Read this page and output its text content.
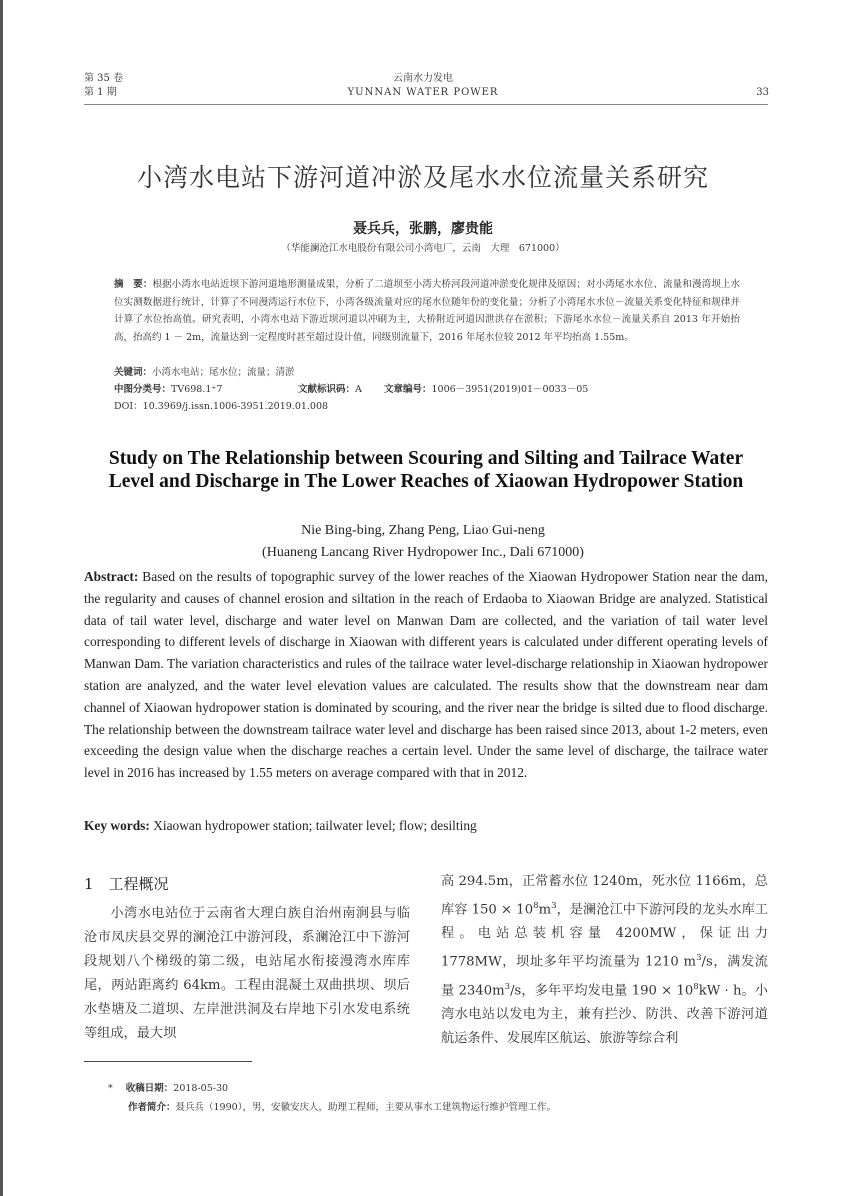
第 35 卷
第 1 期
云南水力发电
YUNNAN WATER POWER	33
小湾水电站下游河道冲淤及尾水水位流量关系研究
聂兵兵，张鹏，廖贵能
（华能澜沧江水电股份有限公司小湾电厂，云南　大理　671000）
摘　要：根据小湾水电站近坝下游河道地形测量成果，分析了二道坝至小湾大桥河段河道冲淤变化规律及原因；对小湾尾水水位、流量和漫湾坝上水位实测数据进行统计，计算了不同漫湾运行水位下，小湾各级流量对应的尾水位随年份的变化量；分析了小湾尾水水位－流量关系变化特征和规律并计算了水位抬高值。研究表明，小湾水电站下游近坝河道以冲刷为主，大桥附近河道因泄洪存在淤积；下游尾水水位－流量关系自 2013 年开始抬高，抬高约 1 － 2m，流量达到一定程度时甚至超过设计值，同级别流量下，2016 年尾水位较 2012 年平均抬高 1.55m。
关键词：小湾水电站；尾水位；流量；清淤
中图分类号：TV698.1⁺7	文献标识码：A 文章编号：1006－3951(2019)01－0033－05
DOI：10.3969/j.issn.1006-3951.2019.01.008
Study on The Relationship between Scouring and Silting and Tailrace Water Level and Discharge in The Lower Reaches of Xiaowan Hydropower Station
Nie Bing-bing, Zhang Peng, Liao Gui-neng
(Huaneng Lancang River Hydropower Inc., Dali 671000)
Abstract: Based on the results of topographic survey of the lower reaches of the Xiaowan Hydropower Station near the dam, the regularity and causes of channel erosion and siltation in the reach of Erdaoba to Xiaowan Bridge are analyzed. Statistical data of tail water level, discharge and water level on Manwan Dam are collected, and the variation of tail water level corresponding to different levels of discharge in Xiaowan with different years is calculated under different operating levels of Manwan Dam. The variation characteristics and rules of the tailrace water level-discharge relationship in Xiaowan hydropower station are analyzed, and the water level elevation values are calculated. The results show that the downstream near dam channel of Xiaowan hydropower station is dominated by scouring, and the river near the bridge is silted due to flood discharge. The relationship between the downstream tailrace water level and discharge has been raised since 2013, about 1-2 meters, even exceeding the design value when the discharge reaches a certain level. Under the same level of discharge, the tailrace water level in 2016 has increased by 1.55 meters on average compared with that in 2012.
Key words: Xiaowan hydropower station; tailwater level; flow; desilting
1　工程概况
小湾水电站位于云南省大理白族自治州南涧县与临沧市凤庆县交界的澜沧江中游河段，系澜沧江中下游河段规划八个梯级的第二级，电站尾水衔接漫湾水库库尾，两站距离约 64km。工程由混凝土双曲拱坝、坝后水垫塘及二道坝、左岸泄洪洞及右岸地下引水发电系统等组成，最大坝
高 294.5m，正常蓄水位 1240m，死水位 1166m，总库容 $150 \times 10^8m^3$，是澜沧江中下游河段的龙头水库工程。电站总装机容量 4200MW，保证出力 1778MW，坝址多年平均流量为 1210 $m^3/s$，满发流量 $2340m^3/s$，多年平均发电量 $190 \times 10^8kW \cdot h$。小湾水电站以发电为主，兼有拦沙、防洪、改善下游河道航运条件、发展库区航运、旅游等综合利
* 收稿日期：2018-05-30
作者简介：聂兵兵（1990），男，安徽安庆人，助理工程师，主要从事水工建筑物运行维护管理工作。
